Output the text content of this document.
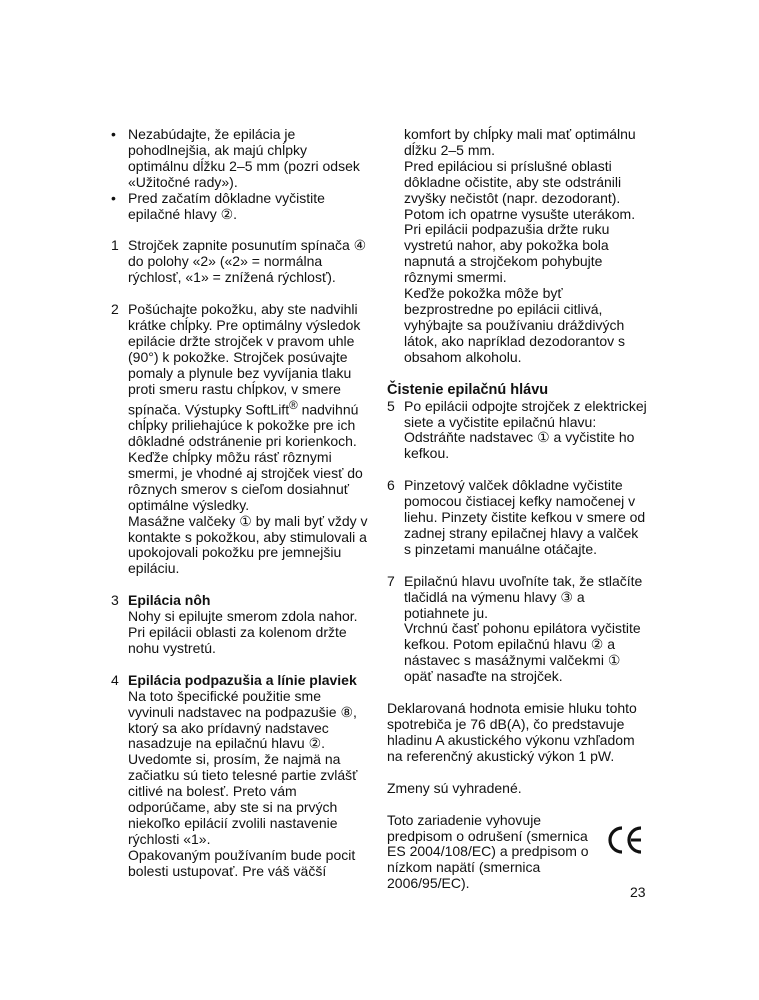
• Nezabúdajte, že epilácia je pohodlnejšia, ak majú chĺpky optimálnu dĺžku 2–5 mm (pozri odsek «Užitočné rady»).
• Pred začatím dôkladne vyčistite epilačné hlavy ②.
1 Strojček zapnite posunutím spínača ④ do polohy «2» («2» = normálna rýchlosť, «1» = znížená rýchlosť).
2 Pošúchajte pokožku, aby ste nadvihli krátke chĺpky. Pre optimálny výsledok epilácie držte strojček v pravom uhle (90°) k pokožke. Strojček posúvajte pomaly a plynule bez vyvíjania tlaku proti smeru rastu chĺpkov, v smere spínača. Výstupky SoftLift® nadvihnú chĺpky priliehajúce k pokožke pre ich dôkladné odstránenie pri korienkoch. Keďže chĺpky môžu rásť rôznymi smermi, je vhodné aj strojček viesť do rôznych smerov s cieľom dosiahnuť optimálne výsledky.

Masážne valčeky ① by mali byť vždy v kontakte s pokožkou, aby stimulovali a upokojovali pokožku pre jemnejšiu epiláciu.

3 Epilácia nôh

Nohy si epilujte smerom zdola nahor. Pri epilácii oblasti za kolenom držte nohu vystretú.

4 Epilácia podpazušia a línie plaviek

Na toto špecifické použitie sme vyvinuli nadstavec na podpazušie ⑧, ktorý sa ako prídavný nadstavec nasadzuje na epilačnú hlavu ②.

Uvedomte si, prosím, že najmä na začiatku sú tieto telesné partie zvlášť citlivé na bolesť. Preto vám odporúčame, aby ste si na prvých niekoľko epilácií zvolili nastavenie rýchlosti «1».

Opakovaným používaním bude pocit bolesti ustupovať. Pre váš väčší

komfort by chĺpky mali mať optimálnu dĺžku 2–5 mm.

Pred epiláciou si príslušné oblasti dôkladne očistite, aby ste odstránili zvyšky nečistôt (napr. dezodorant). Potom ich opatrne vysušte uterákom. Pri epilácii podpazušia držte ruku vystretú nahor, aby pokožka bola napnutá a strojčekom pohybujte rôznymi smermi.

Keďže pokožka môže byť bezprostredne po epilácii citlivá, vyhýbajte sa používaniu dráždivých látok, ako napríklad dezodorantov s obsahom alkoholu.

Čistenie epilačnú hlávu
5 Po epilácii odpojte strojček z elektrickej siete a vyčistite epilačnú hlavu: Odstráňte nadstavec ① a vyčistite ho kefkou.
6 Pinzetový valček dôkladne vyčistite pomocou čistiacej kefky namočenej v liehu. Pinzety čistite kefkou v smere od zadnej strany epilačnej hlavy a valček s pinzetami manuálne otáčajte.
7 Epilačnú hlavu uvoľníte tak, že stlačíte tlačidlá na výmenu hlavy ③ a potiahnete ju.

Vrchnú časť pohonu epilátora vyčistite kefkou. Potom epilačnú hlavu ② a nástavec s masážnymi valčekmi ① opäť nasaďte na strojček.

Deklarovaná hodnota emisie hluku tohto spotrebiča je 76 dB(A), čo predstavuje hladinu A akustického výkonu vzhľadom na referenčný akustický výkon 1 pW.

Zmeny sú vyhradené.

Toto zariadenie vyhovuje predpisom o odrušení (smernica ES 2004/108/EC) a predpisom o nízkom napätí (smernica 2006/95/EC).

23
